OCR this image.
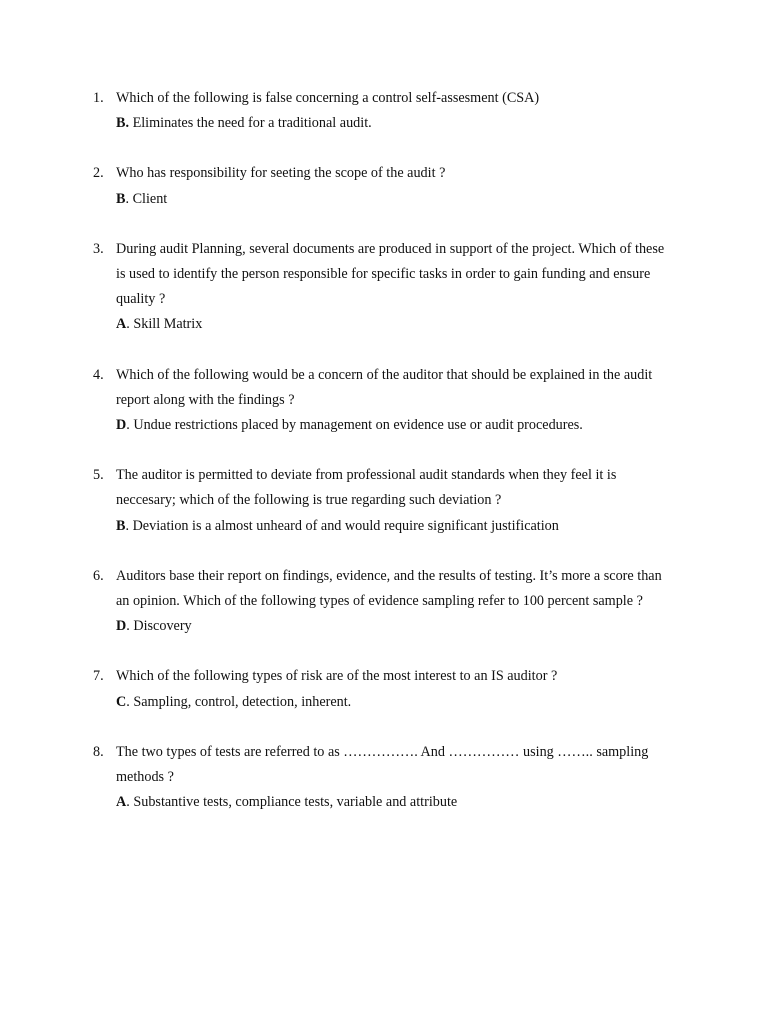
1. Which of the following is false concerning a control self-assesment (CSA)

B. Eliminates the need for a traditional audit.

2. Who has responsibility for seeting the scope of the audit ?

B. Client

3. During audit Planning, several documents are produced in support of the project. Which of these is used to identify the person responsible for specific tasks in order to gain funding and ensure quality ?

A. Skill Matrix

4. Which of the following would be a concern of the auditor that should be explained in the audit report along with the findings ?

D. Undue restrictions placed by management on evidence use or audit procedures.

5. The auditor is permitted to deviate from professional audit standards when they feel it is neccesary; which of the following is true regarding such deviation ?

B. Deviation is a almost unheard of and would require significant justification

6. Auditors base their report on findings, evidence, and the results of testing. It’s more a score than an opinion. Which of the following types of evidence sampling refer to 100 percent sample ?

D. Discovery

7. Which of the following types of risk are of the most interest to an IS auditor ?

C. Sampling, control, detection, inherent.

8. The two types of tests are referred to as ……………. And …………… using …….. sampling methods ?

A. Substantive tests, compliance tests, variable and attribute
